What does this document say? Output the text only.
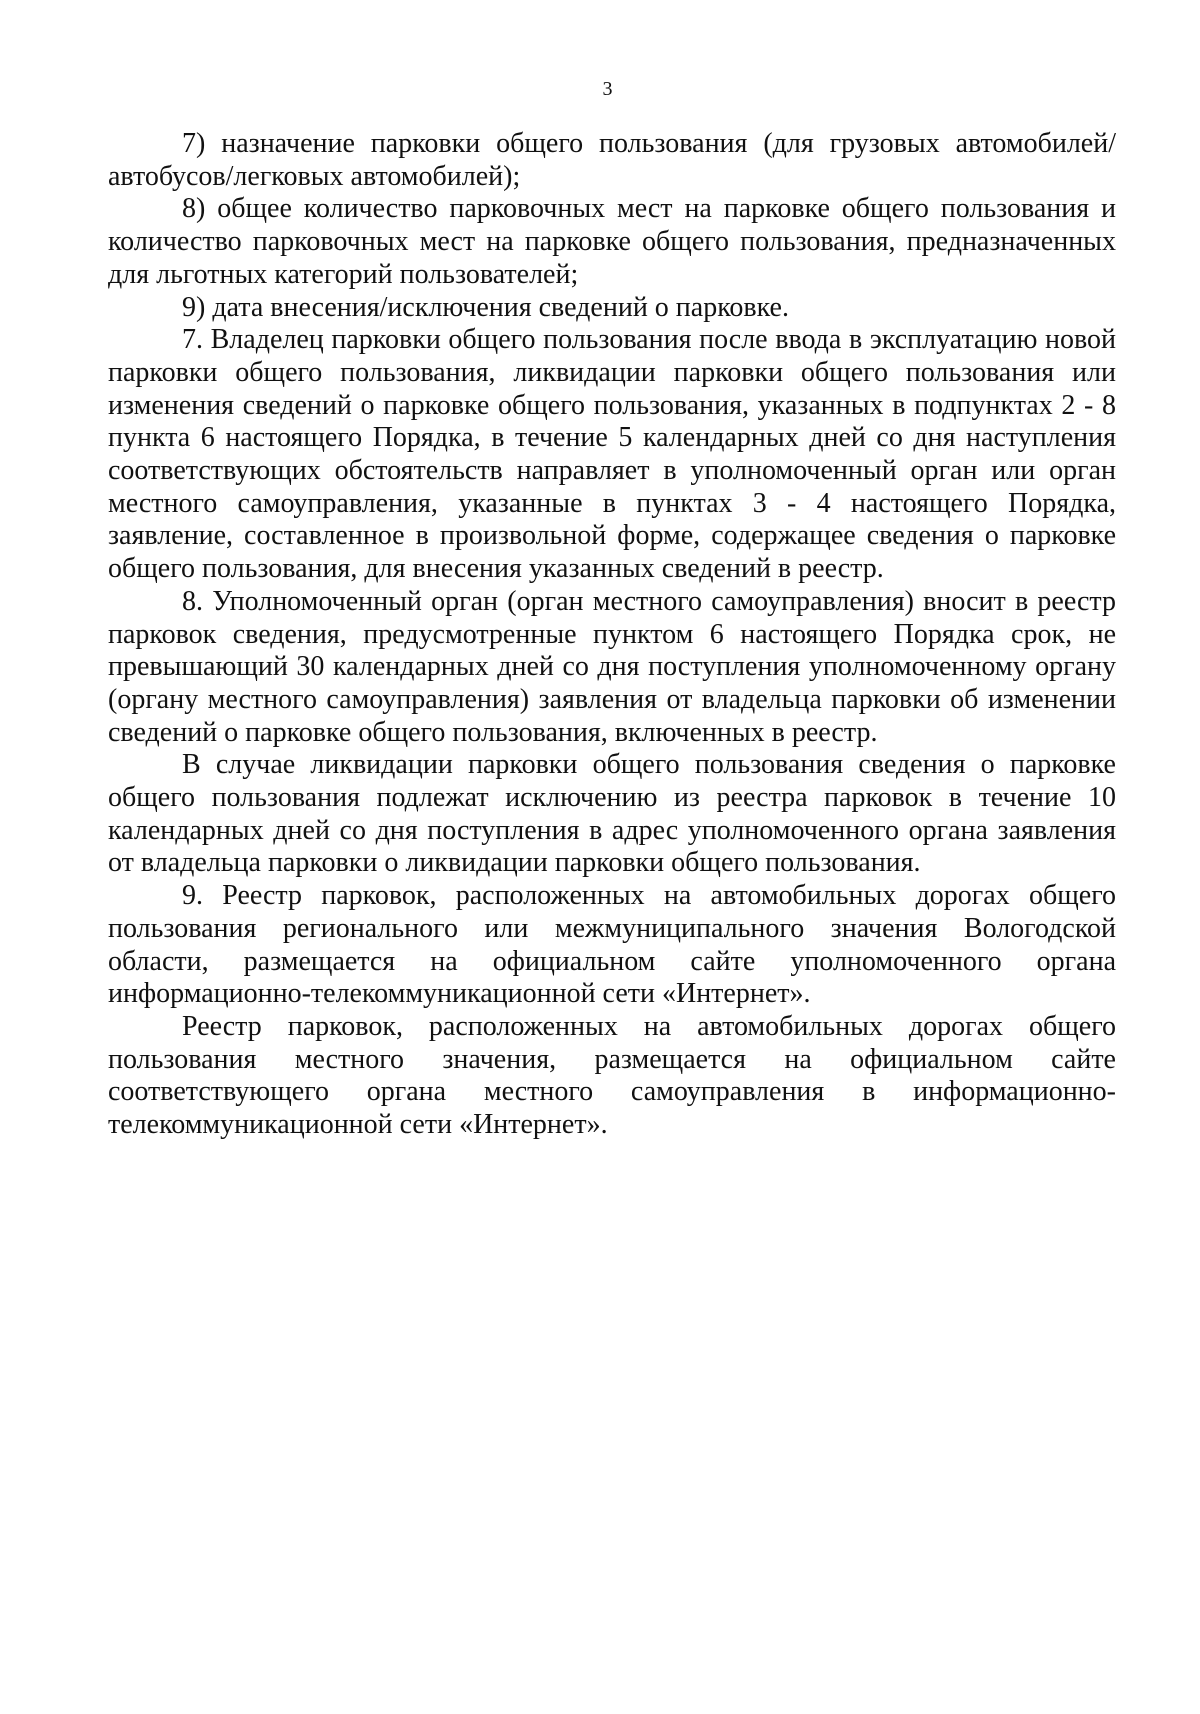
3

7) назначение парковки общего пользования (для грузовых автомобилей/автобусов/легковых автомобилей);

8) общее количество парковочных мест на парковке общего пользования и количество парковочных мест на парковке общего пользования, предназначенных для льготных категорий пользователей;

9) дата внесения/исключения сведений о парковке.

7. Владелец парковки общего пользования после ввода в эксплуатацию новой парковки общего пользования, ликвидации парковки общего пользования или изменения сведений о парковке общего пользования, указанных в подпунктах 2 - 8 пункта 6 настоящего Порядка, в течение 5 календарных дней со дня наступления соответствующих обстоятельств направляет в уполномоченный орган или орган местного самоуправления, указанные в пунктах 3 - 4 настоящего Порядка, заявление, составленное в произвольной форме, содержащее сведения о парковке общего пользования, для внесения указанных сведений в реестр.

8. Уполномоченный орган (орган местного самоуправления) вносит в реестр парковок сведения, предусмотренные пунктом 6 настоящего Порядка срок, не превышающий 30 календарных дней со дня поступления уполномоченному органу (органу местного самоуправления) заявления от владельца парковки об изменении сведений о парковке общего пользования, включенных в реестр.

В случае ликвидации парковки общего пользования сведения о парковке общего пользования подлежат исключению из реестра парковок в течение 10 календарных дней со дня поступления в адрес уполномоченного органа заявления от владельца парковки о ликвидации парковки общего пользования.

9. Реестр парковок, расположенных на автомобильных дорогах общего пользования регионального или межмуниципального значения Вологодской области, размещается на официальном сайте уполномоченного органа информационно-телекоммуникационной сети «Интернет».

Реестр парковок, расположенных на автомобильных дорогах общего пользования местного значения, размещается на официальном сайте соответствующего органа местного самоуправления в информационно-телекоммуникационной сети «Интернет».
